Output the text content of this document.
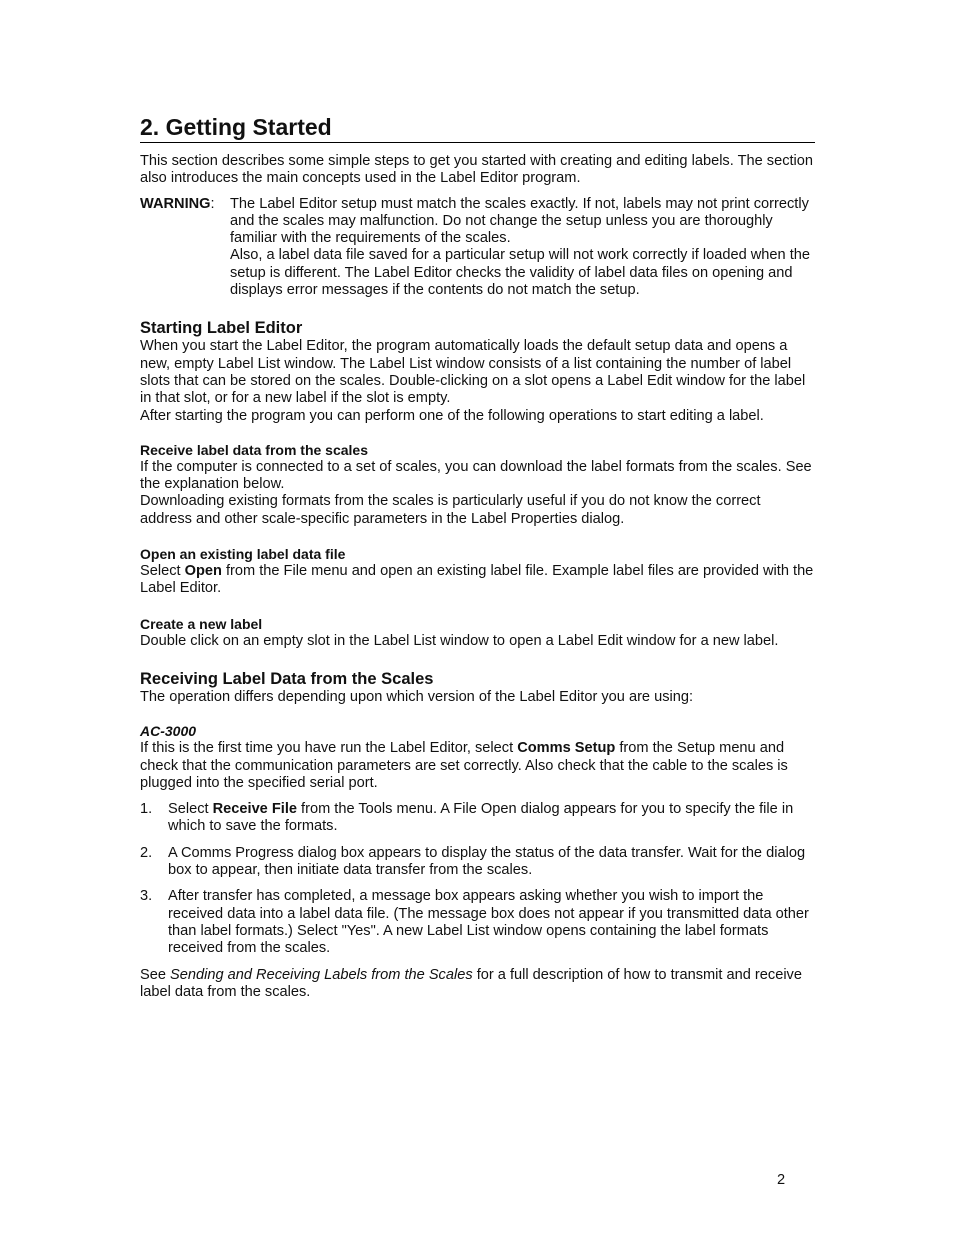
2. Getting Started

This section describes some simple steps to get you started with creating and editing labels. The section also introduces the main concepts used in the Label Editor program.

WARNING:	The Label Editor setup must match the scales exactly. If not, labels may not print correctly and the scales may malfunction. Do not change the setup unless you are thoroughly familiar with the requirements of the scales.

Also, a label data file saved for a particular setup will not work correctly if loaded when the setup is different. The Label Editor checks the validity of label data files on opening and displays error messages if the contents do not match the setup.

Starting Label Editor

When you start the Label Editor, the program automatically loads the default setup data and opens a new, empty Label List window. The Label List window consists of a list containing the number of label slots that can be stored on the scales. Double-clicking on a slot opens a Label Edit window for the label in that slot, or for a new label if the slot is empty.

After starting the program you can perform one of the following operations to start editing a label.

Receive label data from the scales

If the computer is connected to a set of scales, you can download the label formats from the scales. See the explanation below.

Downloading existing formats from the scales is particularly useful if you do not know the correct address and other scale-specific parameters in the Label Properties dialog.

Open an existing label data file

Select Open from the File menu and open an existing label file. Example label files are provided with the Label Editor.

Create a new label

Double click on an empty slot in the Label List window to open a Label Edit window for a new label.

Receiving Label Data from the Scales

The operation differs depending upon which version of the Label Editor you are using:

AC-3000

If this is the first time you have run the Label Editor, select Comms Setup from the Setup menu and check that the communication parameters are set correctly. Also check that the cable to the scales is plugged into the specified serial port.

1.	Select Receive File from the Tools menu. A File Open dialog appears for you to specify the file in which to save the formats.
2.	A Comms Progress dialog box appears to display the status of the data transfer. Wait for the dialog box to appear, then initiate data transfer from the scales.
3.	After transfer has completed, a message box appears asking whether you wish to import the received data into a label data file. (The message box does not appear if you transmitted data other than label formats.) Select "Yes". A new Label List window opens containing the label formats received from the scales.

See Sending and Receiving Labels from the Scales for a full description of how to transmit and receive label data from the scales.

2
